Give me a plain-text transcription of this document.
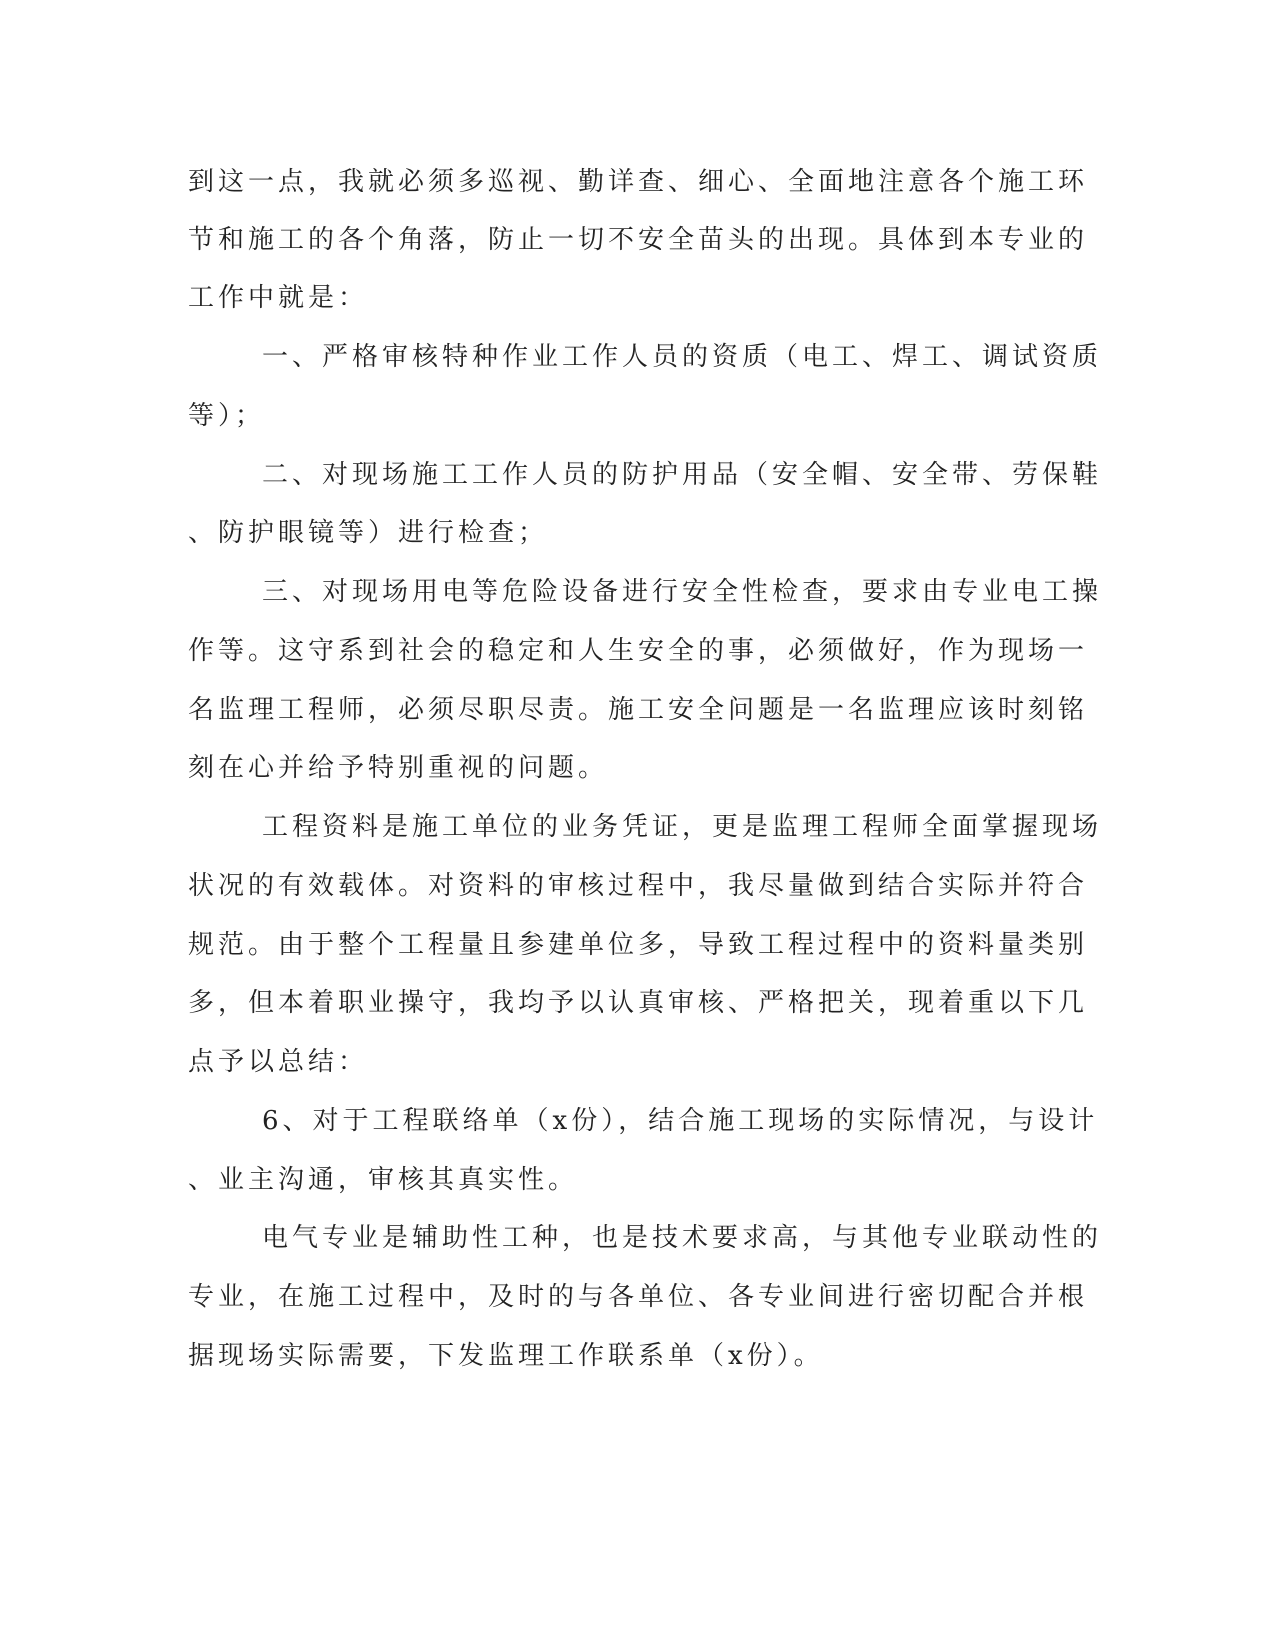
到这一点，我就必须多巡视、勤详查、细心、全面地注意各个施工环

节和施工的各个角落，防止一切不安全苗头的出现。具体到本专业的

工作中就是：

一、严格审核特种作业工作人员的资质（电工、焊工、调试资质

等）；

二、对现场施工工作人员的防护用品（安全帽、安全带、劳保鞋

、防护眼镜等）进行检查；

三、对现场用电等危险设备进行安全性检查，要求由专业电工操

作等。这守系到社会的稳定和人生安全的事，必须做好，作为现场一

名监理工程师，必须尽职尽责。施工安全问题是一名监理应该时刻铭

刻在心并给予特别重视的问题。

工程资料是施工单位的业务凭证，更是监理工程师全面掌握现场

状况的有效载体。对资料的审核过程中，我尽量做到结合实际并符合

规范。由于整个工程量且参建单位多，导致工程过程中的资料量类别

多，但本着职业操守，我均予以认真审核、严格把关，现着重以下几

点予以总结：

6、对于工程联络单（x份），结合施工现场的实际情况，与设计

、业主沟通，审核其真实性。

电气专业是辅助性工种，也是技术要求高，与其他专业联动性的

专业，在施工过程中，及时的与各单位、各专业间进行密切配合并根

据现场实际需要，下发监理工作联系单（x份）。
